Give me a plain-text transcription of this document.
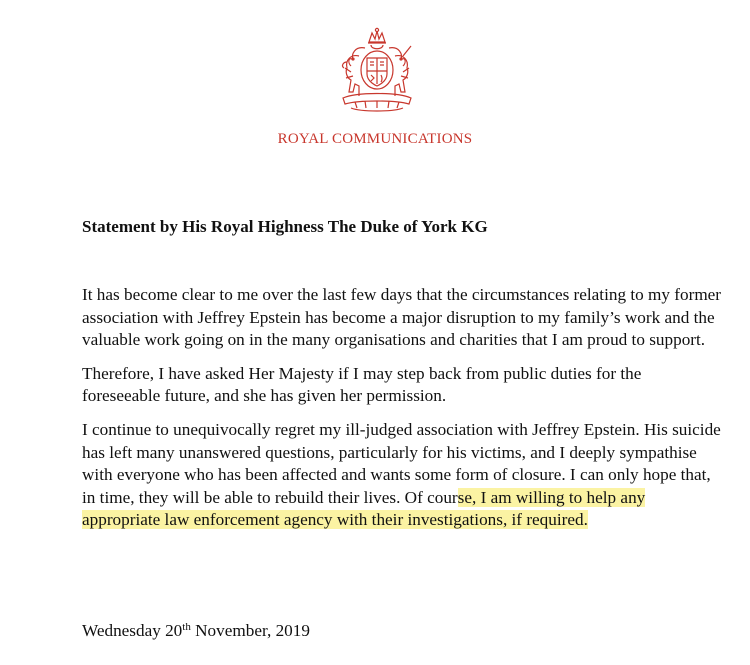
ROYAL COMMUNICATIONS
Statement by His Royal Highness The Duke of York KG

It has become clear to me over the last few days that the circumstances relating to my former association with Jeffrey Epstein has become a major disruption to my family’s work and the valuable work going on in the many organisations and charities that I am proud to support.

Therefore, I have asked Her Majesty if I may step back from public duties for the foreseeable future, and she has given her permission.

I continue to unequivocally regret my ill-judged association with Jeffrey Epstein. His suicide has left many unanswered questions, particularly for his victims, and I deeply sympathise with everyone who has been affected and wants some form of closure. I can only hope that, in time, they will be able to rebuild their lives. Of course, I am willing to help any appropriate law enforcement agency with their investigations, if required.

Wednesday 20th November, 2019
